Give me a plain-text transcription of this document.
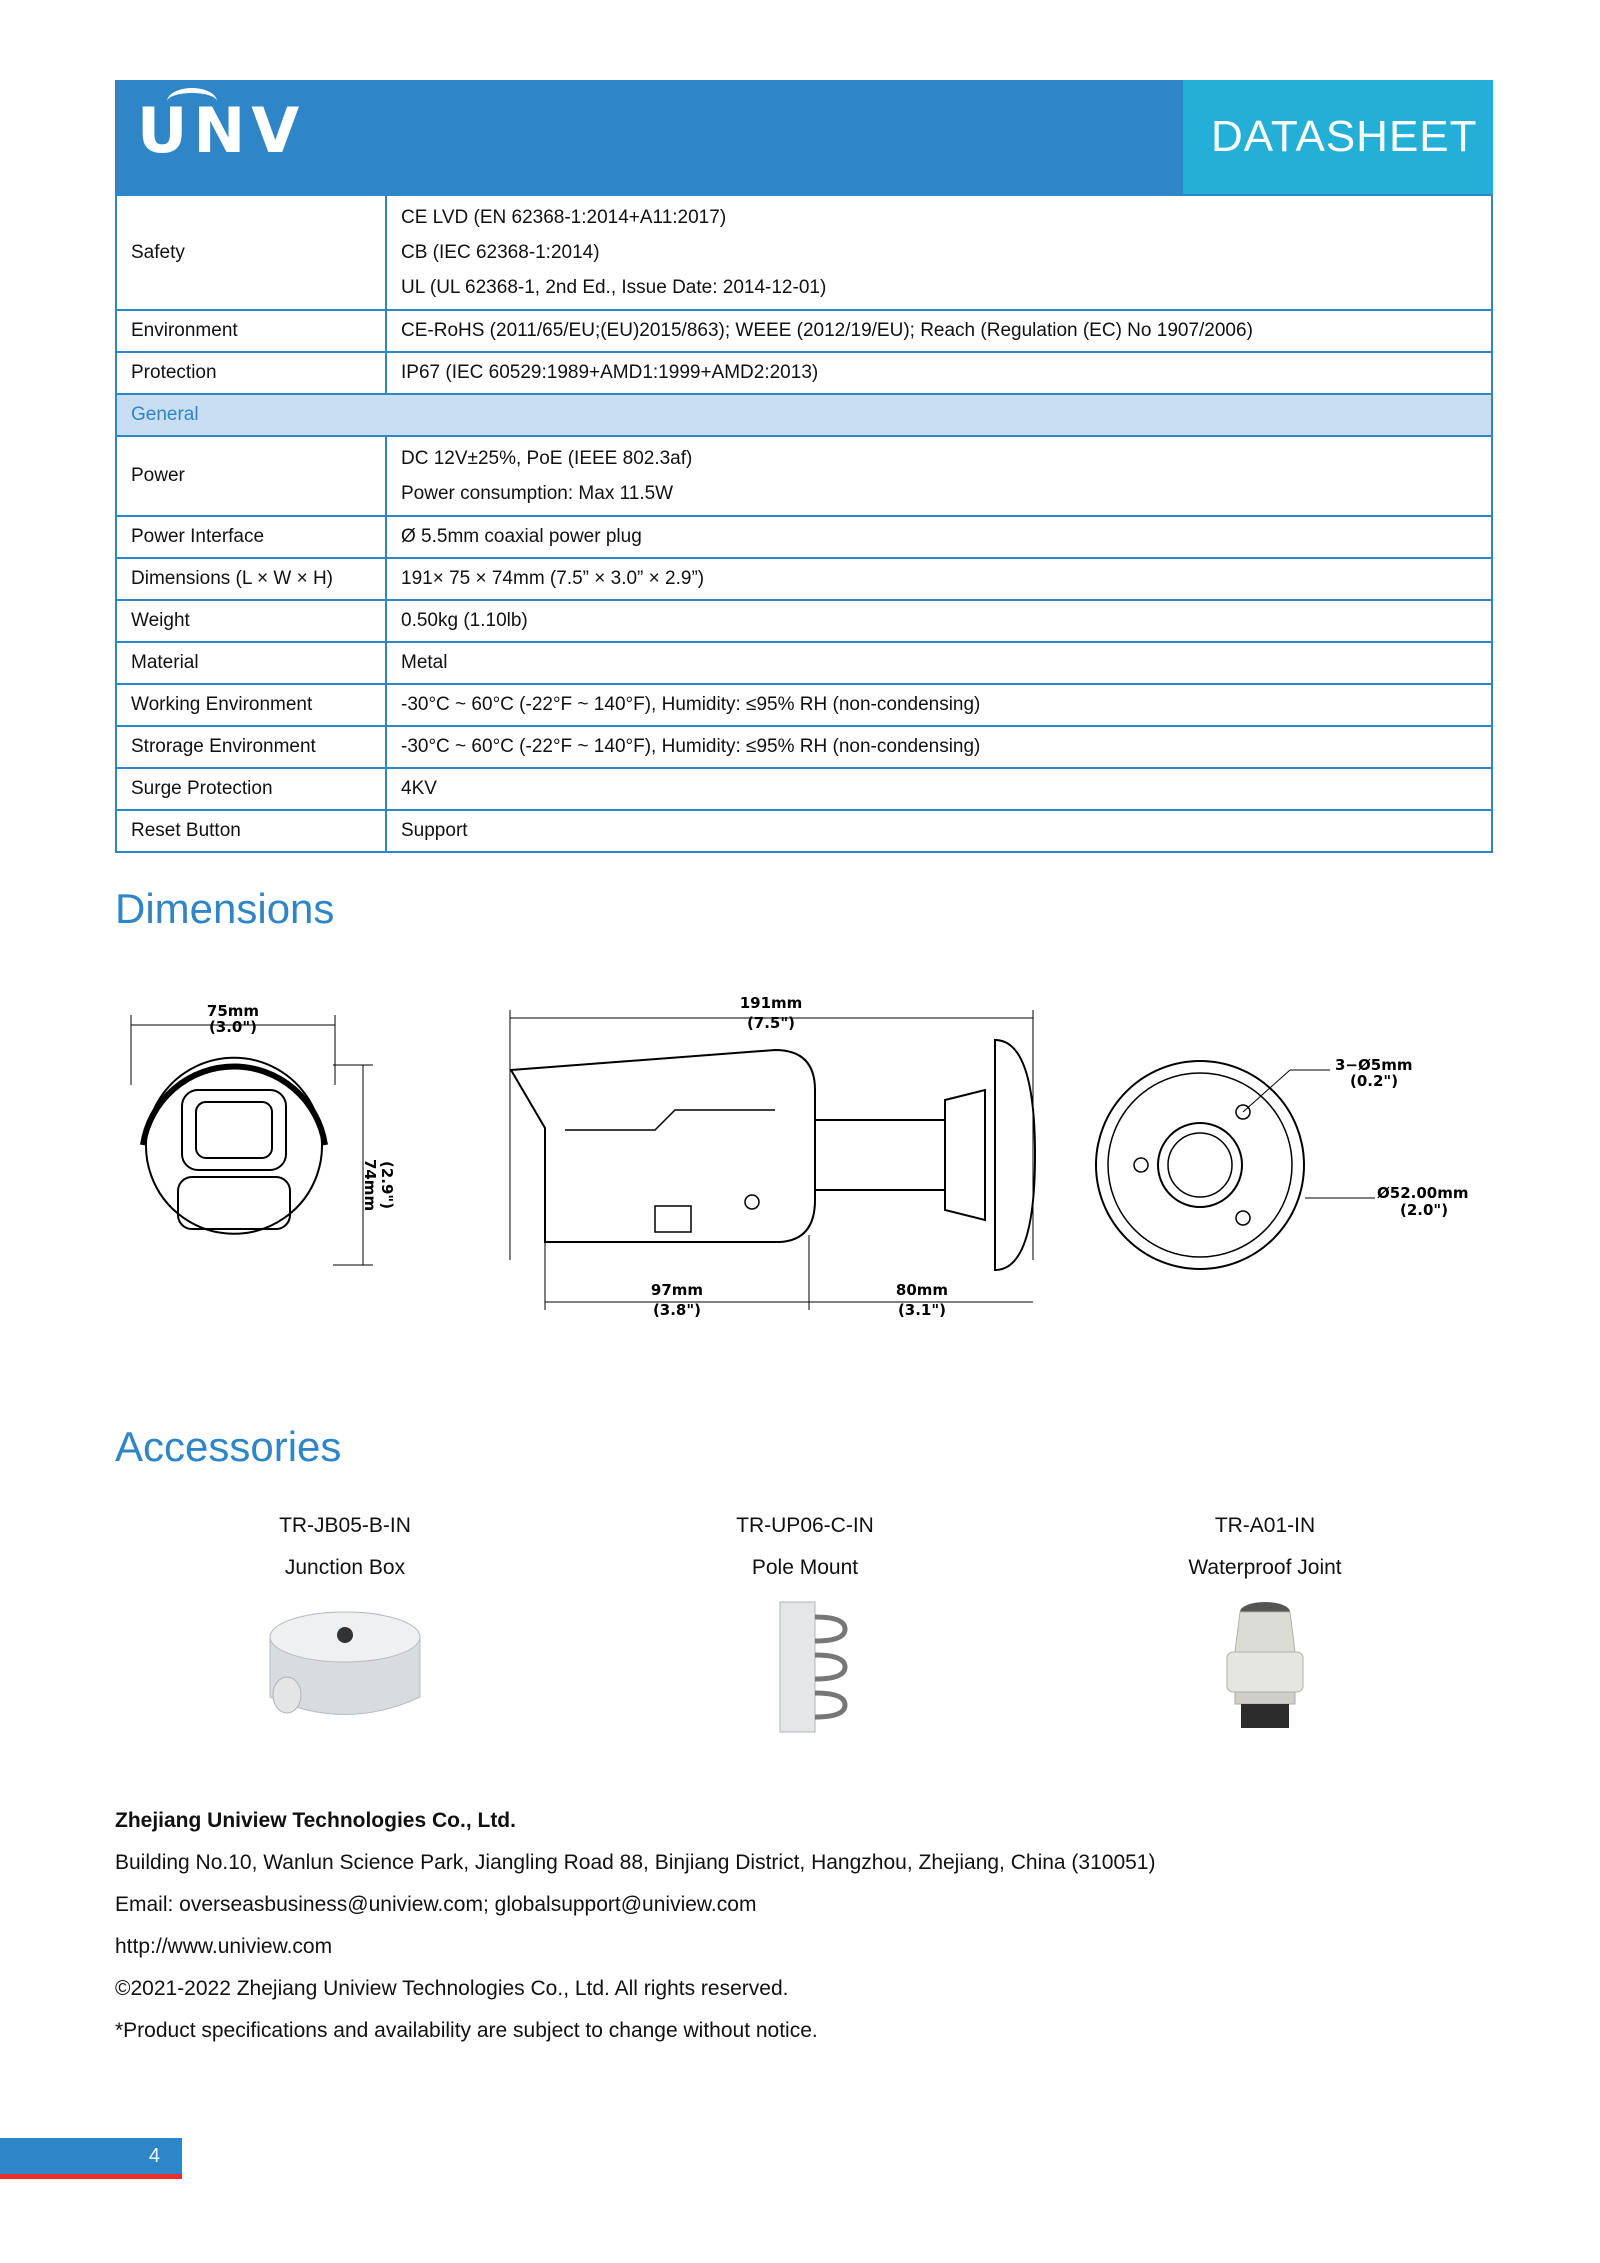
UNV	DATASHEET
Safety	CE LVD (EN 62368-1:2014+A11:2017)
CB (IEC 62368-1:2014)
UL (UL 62368-1, 2nd Ed., Issue Date: 2014-12-01)

Environment	CE-RoHS (2011/65/EU;(EU)2015/863); WEEE (2012/19/EU); Reach (Regulation (EC) No 1907/2006)
Protection	IP67 (IEC 60529:1989+AMD1:1999+AMD2:2013)
General	
Power	DC 12V±25%, PoE (IEEE 802.3af)
Power consumption: Max 11.5W

Power Interface	Ø 5.5mm coaxial power plug
Dimensions (L × W × H)	191× 75 × 74mm (7.5” × 3.0” × 2.9”)
Weight	0.50kg (1.10lb)
Material	Metal
Working Environment	-30°C ~ 60°C (-22°F ~ 140°F), Humidity: ≤95% RH (non-condensing)
Strorage Environment	-30°C ~ 60°C (-22°F ~ 140°F), Humidity: ≤95% RH (non-condensing)
Surge Protection	4KV
Reset Button	Support
Dimensions
75mm
(3.0")
74mm (2.9")
191mm
(7.5")
97mm
(3.8")
80mm
(3.1")
3−Ø5mm
(0.2")
Ø52.00mm
(2.0")
Accessories
TR-JB05-B-IN
Junction Box
TR-UP06-C-IN
Pole Mount
TR-A01-IN
Waterproof Joint
Zhejiang Uniview Technologies Co., Ltd.
Building No.10, Wanlun Science Park, Jiangling Road 88, Binjiang District, Hangzhou, Zhejiang, China (310051)
Email: overseasbusiness@uniview.com; globalsupport@uniview.com
http://www.uniview.com
©2021-2022 Zhejiang Uniview Technologies Co., Ltd. All rights reserved.
*Product specifications and availability are subject to change without notice.
4
